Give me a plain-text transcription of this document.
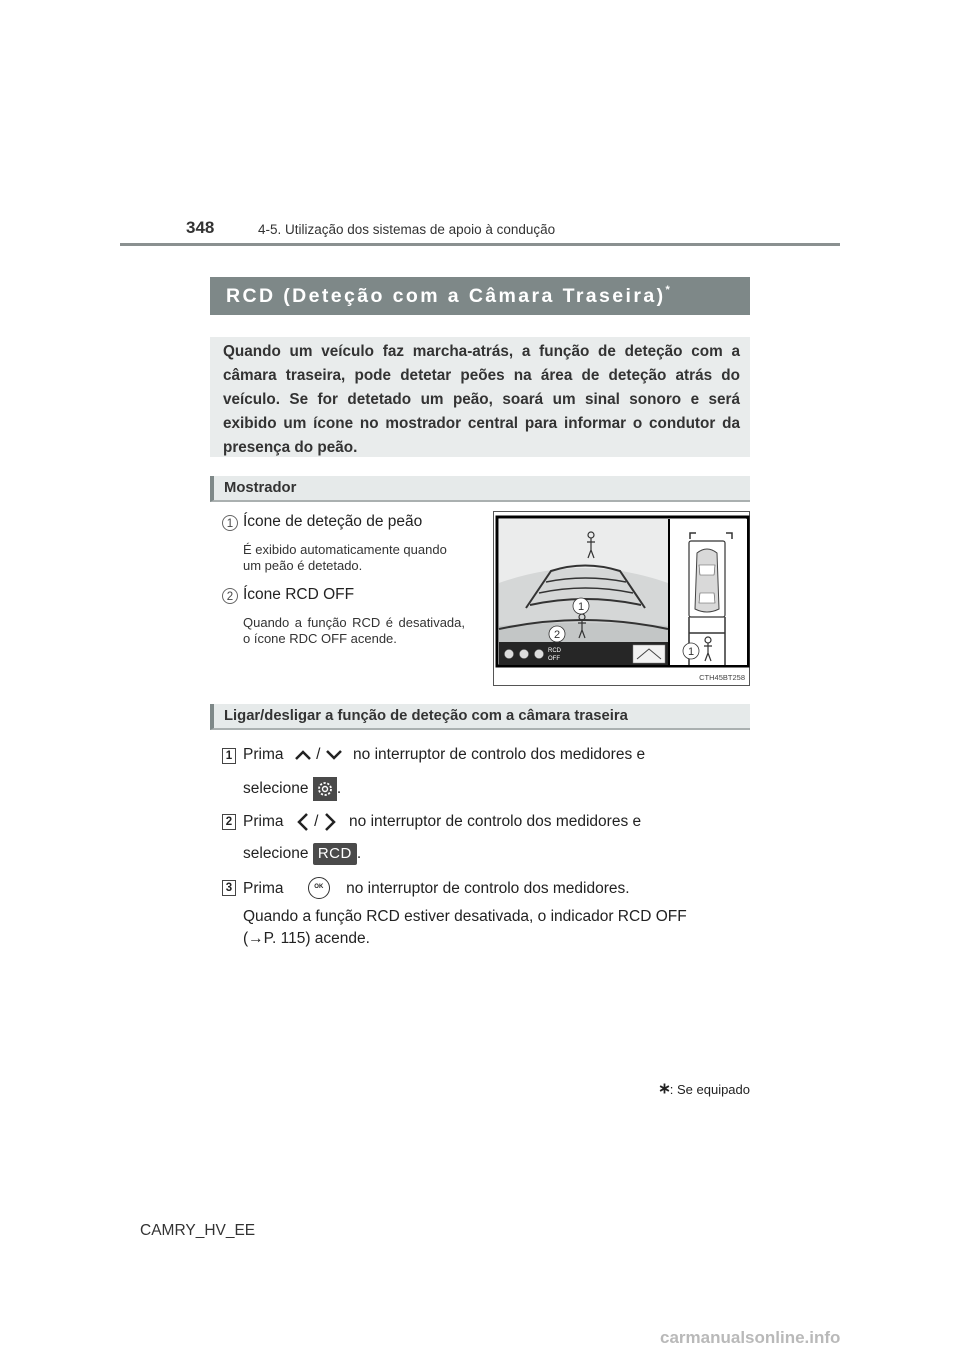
348	4-5. Utilização dos sistemas de apoio à condução
RCD (Deteção com a Câmara Traseira)*
Quando um veículo faz marcha-atrás, a função de deteção com a câmara traseira, pode detetar peões na área de deteção atrás do veículo. Se for detetado um peão, soará um sinal sonoro e será exibido um ícone no mostrador central para informar o condutor da presença do peão.
Mostrador
1 Ícone de deteção de peão
É exibido automaticamente quando um peão é detetado.
2 Ícone RCD OFF
Quando a função RCD é desativada, o ícone RDC OFF acende.
RCD
OFF
1
2
1
CTH45BT258
Ligar/desligar a função de deteção com a câmara traseira
1 Prima / no interruptor de controlo dos medidores e
selecione .
2 Prima / no interruptor de controlo dos medidores e
selecione RCD .
3 Prima	OK	no interruptor de controlo dos medidores.
Quando a função RCD estiver desativada, o indicador RCD OFF
(→P. 115) acende.
: Se equipado
CAMRY_HV_EE
carmanualsonline.info
